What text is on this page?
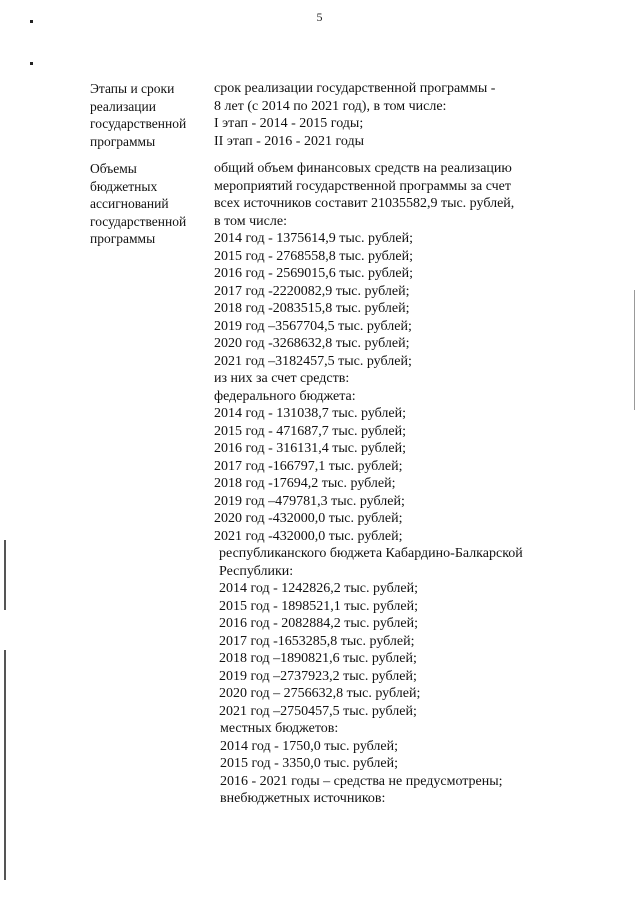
5
Этапы и сроки
реализации
государственной
программы
срок реализации государственной программы -
8 лет (с 2014 по 2021 год), в том числе:
I этап - 2014 - 2015 годы;
II этап - 2016 - 2021 годы
Объемы
бюджетных
ассигнований
государственной
программы
общий объем финансовых средств на реализацию
мероприятий государственной программы за счет
всех источников составит 21035582,9 тыс. рублей,
в том числе:
2014 год - 1375614,9 тыс. рублей;
2015 год - 2768558,8 тыс. рублей;
2016 год - 2569015,6 тыс. рублей;
2017 год -2220082,9 тыс. рублей;
2018 год -2083515,8 тыс. рублей;
2019 год –3567704,5 тыс. рублей;
2020 год -3268632,8 тыс. рублей;
2021 год –3182457,5 тыс. рублей;
из них за счет средств:
федерального бюджета:
2014 год - 131038,7 тыс. рублей;
2015 год - 471687,7 тыс. рублей;
2016 год - 316131,4 тыс. рублей;
2017 год -166797,1 тыс. рублей;
2018 год -17694,2 тыс. рублей;
2019 год –479781,3 тыс. рублей;
2020 год -432000,0 тыс. рублей;
2021 год -432000,0 тыс. рублей;
республиканского бюджета Кабардино-Балкарской
Республики:
2014 год - 1242826,2 тыс. рублей;
2015 год - 1898521,1 тыс. рублей;
2016 год - 2082884,2 тыс. рублей;
2017 год -1653285,8 тыс. рублей;
2018 год –1890821,6 тыс. рублей;
2019 год –2737923,2 тыс. рублей;
2020 год – 2756632,8 тыс. рублей;
2021 год –2750457,5 тыс. рублей;
местных бюджетов:
2014 год - 1750,0 тыс. рублей;
2015 год - 3350,0 тыс. рублей;
2016 - 2021 годы – средства не предусмотрены;
внебюджетных источников:
